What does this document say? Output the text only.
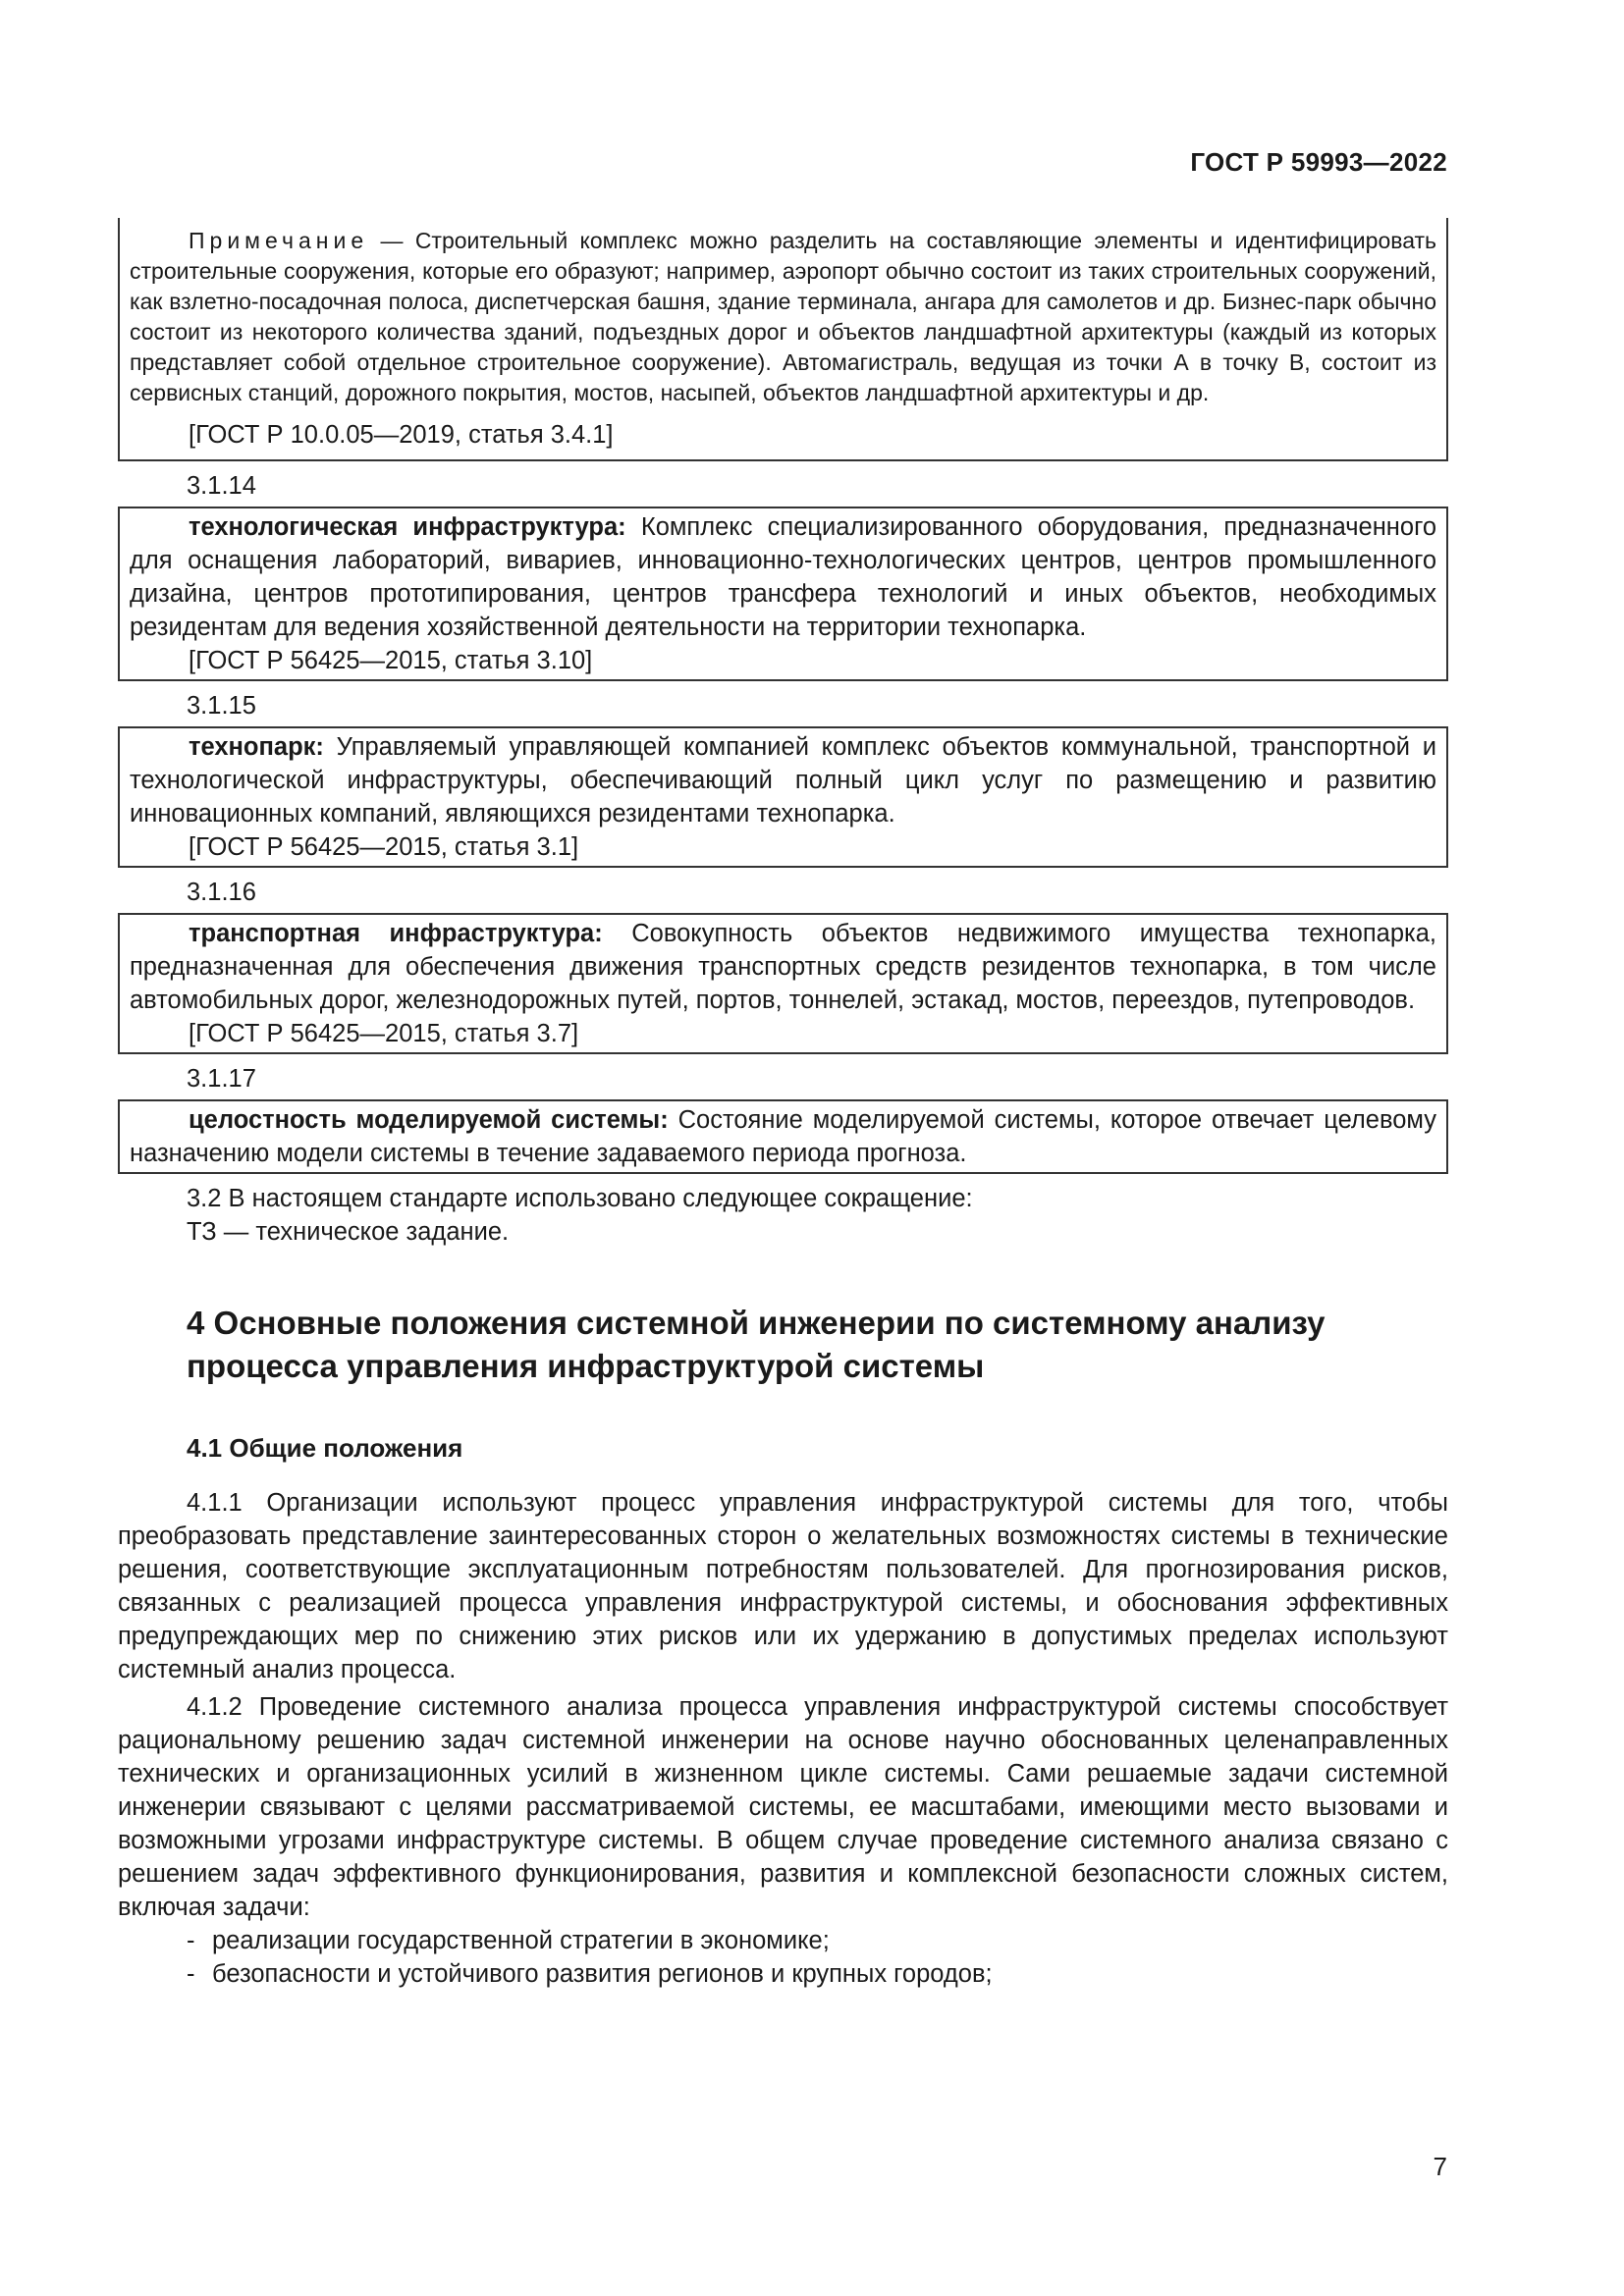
ГОСТ Р 59993—2022

Примечание — Строительный комплекс можно разделить на составляющие элементы и идентифицировать строительные сооружения, которые его образуют; например, аэропорт обычно состоит из таких строительных сооружений, как взлетно-посадочная полоса, диспетчерская башня, здание терминала, ангара для самолетов и др. Бизнес-парк обычно состоит из некоторого количества зданий, подъездных дорог и объектов ландшафтной архитектуры (каждый из которых представляет собой отдельное строительное сооружение). Автомагистраль, ведущая из точки А в точку В, состоит из сервисных станций, дорожного покрытия, мостов, насыпей, объектов ландшафтной архитектуры и др.

[ГОСТ Р 10.0.05—2019, статья 3.4.1]

3.1.14

технологическая инфраструктура: Комплекс специализированного оборудования, предназначенного для оснащения лабораторий, вивариев, инновационно-технологических центров, центров промышленного дизайна, центров прототипирования, центров трансфера технологий и иных объектов, необходимых резидентам для ведения хозяйственной деятельности на территории технопарка.

[ГОСТ Р 56425—2015, статья 3.10]

3.1.15

технопарк: Управляемый управляющей компанией комплекс объектов коммунальной, транспортной и технологической инфраструктуры, обеспечивающий полный цикл услуг по размещению и развитию инновационных компаний, являющихся резидентами технопарка.

[ГОСТ Р 56425—2015, статья 3.1]

3.1.16

транспортная инфраструктура: Совокупность объектов недвижимого имущества технопарка, предназначенная для обеспечения движения транспортных средств резидентов технопарка, в том числе автомобильных дорог, железнодорожных путей, портов, тоннелей, эстакад, мостов, переездов, путепроводов.

[ГОСТ Р 56425—2015, статья 3.7]

3.1.17

целостность моделируемой системы: Состояние моделируемой системы, которое отвечает целевому назначению модели системы в течение задаваемого периода прогноза.

3.2 В настоящем стандарте использовано следующее сокращение:

ТЗ — техническое задание.

4 Основные положения системной инженерии по системному анализу
процесса управления инфраструктурой системы
4.1 Общие положения

4.1.1 Организации используют процесс управления инфраструктурой системы для того, чтобы преобразовать представление заинтересованных сторон о желательных возможностях системы в технические решения, соответствующие эксплуатационным потребностям пользователей. Для прогнозирования рисков, связанных с реализацией процесса управления инфраструктурой системы, и обоснования эффективных предупреждающих мер по снижению этих рисков или их удержанию в допустимых пределах используют системный анализ процесса.

4.1.2 Проведение системного анализа процесса управления инфраструктурой системы способствует рациональному решению задач системной инженерии на основе научно обоснованных целенаправленных технических и организационных усилий в жизненном цикле системы. Сами решаемые задачи системной инженерии связывают с целями рассматриваемой системы, ее масштабами, имеющими место вызовами и возможными угрозами инфраструктуре системы. В общем случае проведение системного анализа связано с решением задач эффективного функционирования, развития и комплексной безопасности сложных систем, включая задачи:

- реализации государственной стратегии в экономике;

- безопасности и устойчивого развития регионов и крупных городов;

7
